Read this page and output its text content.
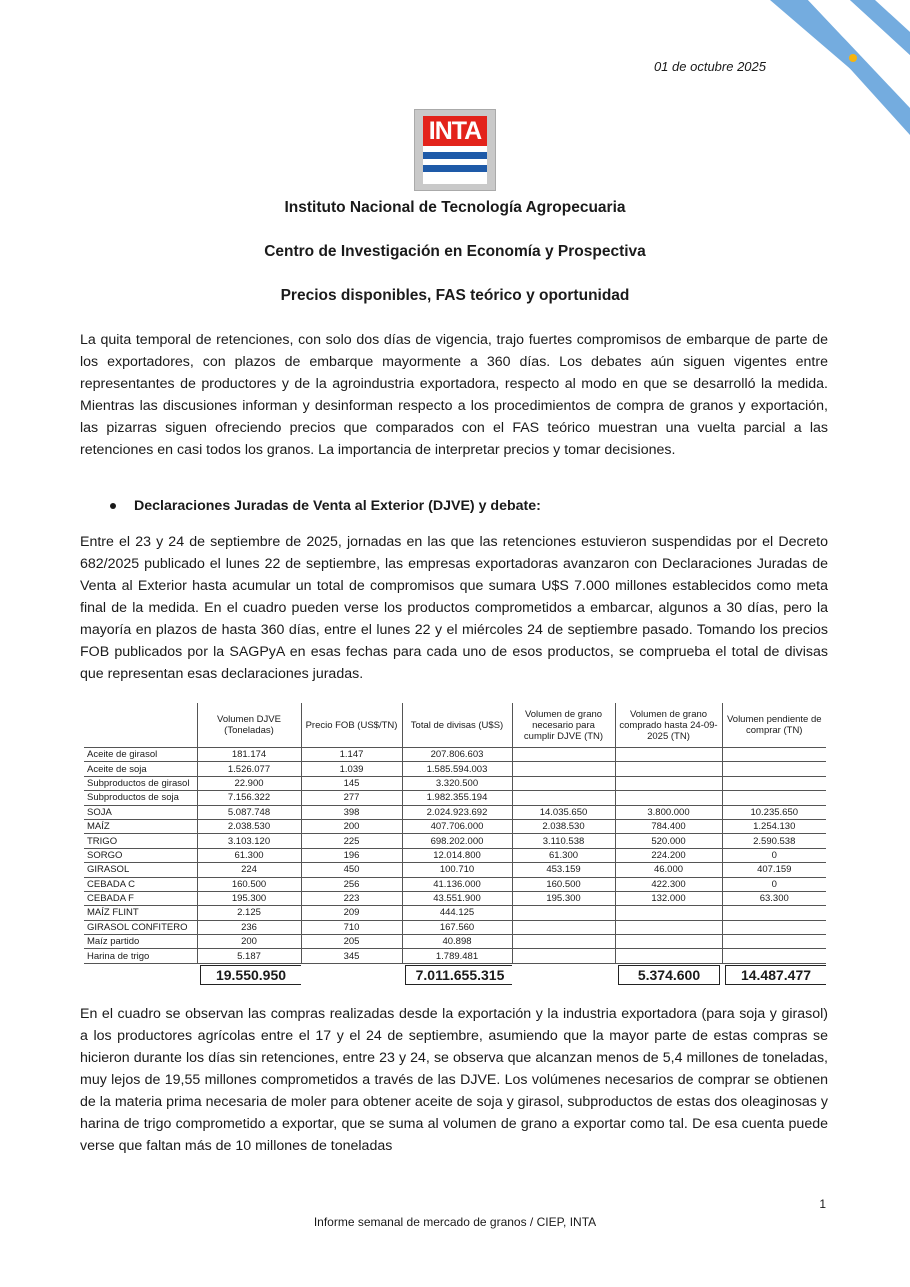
01 de octubre 2025
INTA
Instituto Nacional de Tecnología Agropecuaria
Centro de Investigación en Economía y Prospectiva
Precios disponibles, FAS teórico y oportunidad

La quita temporal de retenciones, con solo dos días de vigencia, trajo fuertes compromisos de embarque de parte de los exportadores, con plazos de embarque mayormente a 360 días. Los debates aún siguen vigentes entre representantes de productores y de la agroindustria exportadora, respecto al modo en que se desarrolló la medida. Mientras las discusiones informan y desinforman respecto a los procedimientos de compra de granos y exportación, las pizarras siguen ofreciendo precios que comparados con el FAS teórico muestran una vuelta parcial a las retenciones en casi todos los granos. La importancia de interpretar precios y tomar decisiones.

Declaraciones Juradas de Venta al Exterior (DJVE) y debate:

Entre el 23 y 24 de septiembre de 2025, jornadas en las que las retenciones estuvieron suspendidas por el Decreto 682/2025 publicado el lunes 22 de septiembre, las empresas exportadoras avanzaron con Declaraciones Juradas de Venta al Exterior hasta acumular un total de compromisos que sumara U$S 7.000 millones establecidos como meta final de la medida. En el cuadro pueden verse los productos comprometidos a embarcar, algunos a 30 días, pero la mayoría en plazos de hasta 360 días, entre el lunes 22 y el miércoles 24 de septiembre pasado. Tomando los precios FOB publicados por la SAGPyA en esas fechas para cada uno de esos productos, se comprueba el total de divisas que representan esas declaraciones juradas.

	Volumen DJVE (Toneladas)	Precio FOB (US$/TN)	Total de divisas (U$S)	Volumen de grano necesario para cumplir DJVE (TN)	Volumen de grano comprado hasta 24-09-2025 (TN)	Volumen pendiente de comprar (TN)
Aceite de girasol	181.174	1.147	207.806.603			
Aceite de soja	1.526.077	1.039	1.585.594.003			
Subproductos de girasol	22.900	145	3.320.500			
Subproductos de soja	7.156.322	277	1.982.355.194			
SOJA	5.087.748	398	2.024.923.692	14.035.650	3.800.000	10.235.650
MAÍZ	2.038.530	200	407.706.000	2.038.530	784.400	1.254.130
TRIGO	3.103.120	225	698.202.000	3.110.538	520.000	2.590.538
SORGO	61.300	196	12.014.800	61.300	224.200	0
GIRASOL	224	450	100.710	453.159	46.000	407.159
CEBADA C	160.500	256	41.136.000	160.500	422.300	0
CEBADA F	195.300	223	43.551.900	195.300	132.000	63.300
MAÍZ FLINT	2.125	209	444.125			
GIRASOL CONFITERO	236	710	167.560			
Maíz partido	200	205	40.898			
Harina de trigo	5.187	345	1.789.481			
	19.550.950		7.011.655.315		5.374.600	14.487.477

En el cuadro se observan las compras realizadas desde la exportación y la industria exportadora (para soja y girasol) a los productores agrícolas entre el 17 y el 24 de septiembre, asumiendo que la mayor parte de estas compras se hicieron durante los días sin retenciones, entre 23 y 24, se observa que alcanzan menos de 5,4 millones de toneladas, muy lejos de 19,55 millones comprometidos a través de las DJVE. Los volúmenes necesarios de comprar se obtienen de la materia prima necesaria de moler para obtener aceite de soja y girasol, subproductos de estas dos oleaginosas y harina de trigo comprometido a exportar, que se suma al volumen de grano a exportar como tal. De esa cuenta puede verse que faltan más de 10 millones de toneladas

1
Informe semanal de mercado de granos / CIEP, INTA
